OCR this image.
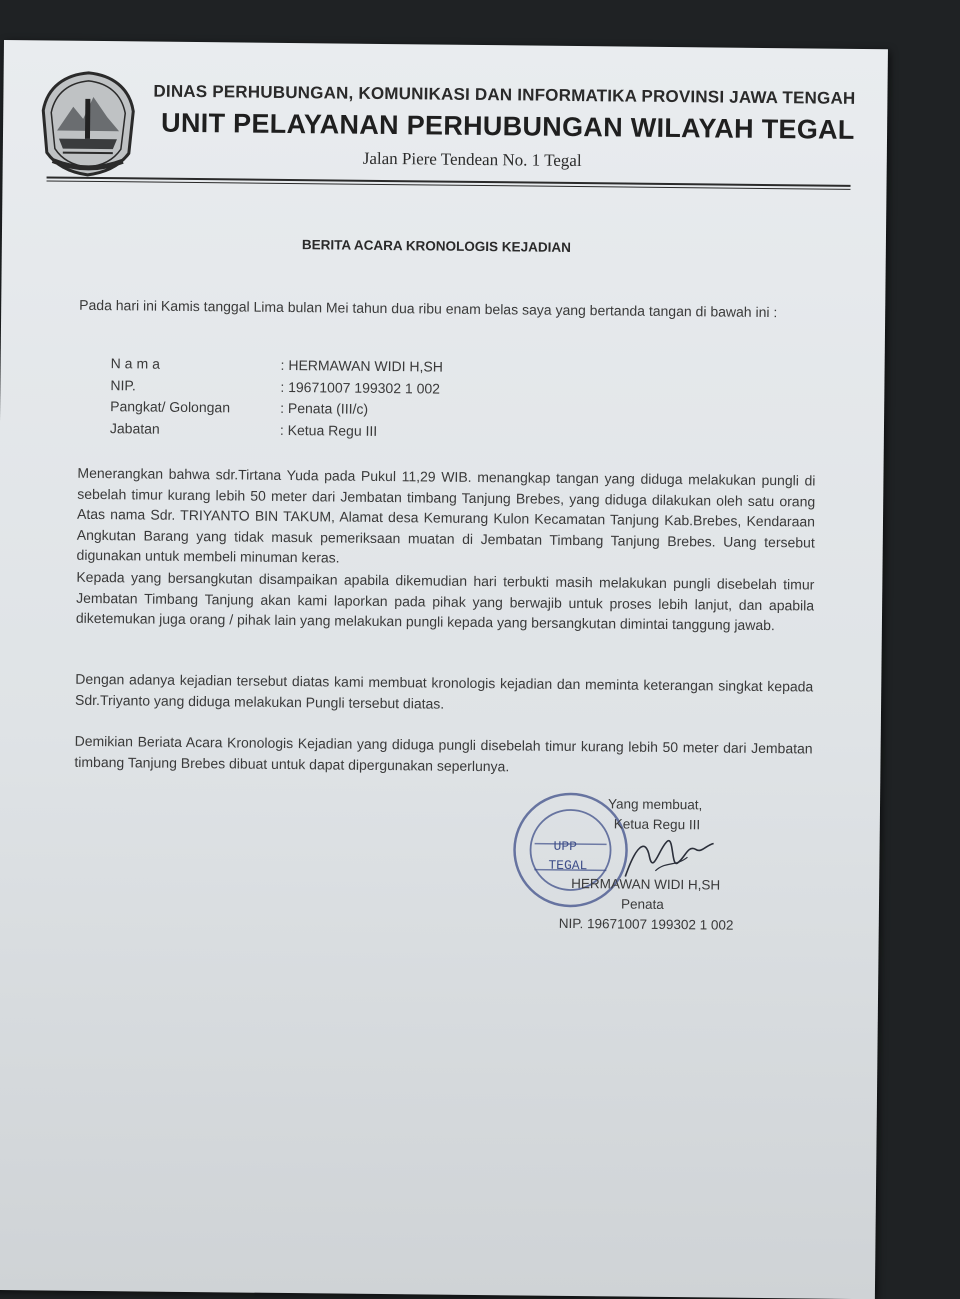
DINAS PERHUBUNGAN, KOMUNIKASI DAN INFORMATIKA PROVINSI JAWA TENGAH
UNIT PELAYANAN PERHUBUNGAN WILAYAH TEGAL
Jalan Piere Tendean No. 1 Tegal
BERITA ACARA KRONOLOGIS KEJADIAN
Pada hari ini Kamis tanggal Lima bulan Mei tahun dua ribu enam belas saya yang bertanda tangan di bawah ini :
Nama	: HERMAWAN WIDI H,SH
NIP.	: 19671007 199302 1 002
Pangkat/ Golongan	: Penata (III/c)
Jabatan	: Ketua Regu III
Menerangkan bahwa sdr.Tirtana Yuda pada Pukul 11,29 WIB. menangkap tangan yang diduga melakukan pungli di sebelah timur kurang lebih 50 meter dari Jembatan timbang Tanjung Brebes, yang diduga dilakukan oleh satu orang Atas nama Sdr. TRIYANTO BIN TAKUM, Alamat desa Kemurang Kulon Kecamatan Tanjung Kab.Brebes, Kendaraan Angkutan Barang yang tidak masuk pemeriksaan muatan di Jembatan Timbang Tanjung Brebes. Uang tersebut digunakan untuk membeli minuman keras.
Kepada yang bersangkutan disampaikan apabila dikemudian hari terbukti masih melakukan pungli disebelah timur Jembatan Timbang Tanjung akan kami laporkan pada pihak yang berwajib untuk proses lebih lanjut, dan apabila diketemukan juga orang / pihak lain yang melakukan pungli kepada yang bersangkutan dimintai tanggung jawab.
Dengan adanya kejadian tersebut diatas kami membuat kronologis kejadian dan meminta keterangan singkat kepada Sdr.Triyanto yang diduga melakukan Pungli tersebut diatas.
Demikian Beriata Acara Kronologis Kejadian yang diduga pungli disebelah timur kurang lebih 50 meter dari Jembatan timbang Tanjung Brebes dibuat untuk dapat dipergunakan seperlunya.
UPP
TEGAL
Yang membuat,
Ketua Regu III
HERMAWAN WIDI H,SH
Penata
NIP. 19671007 199302 1 002
